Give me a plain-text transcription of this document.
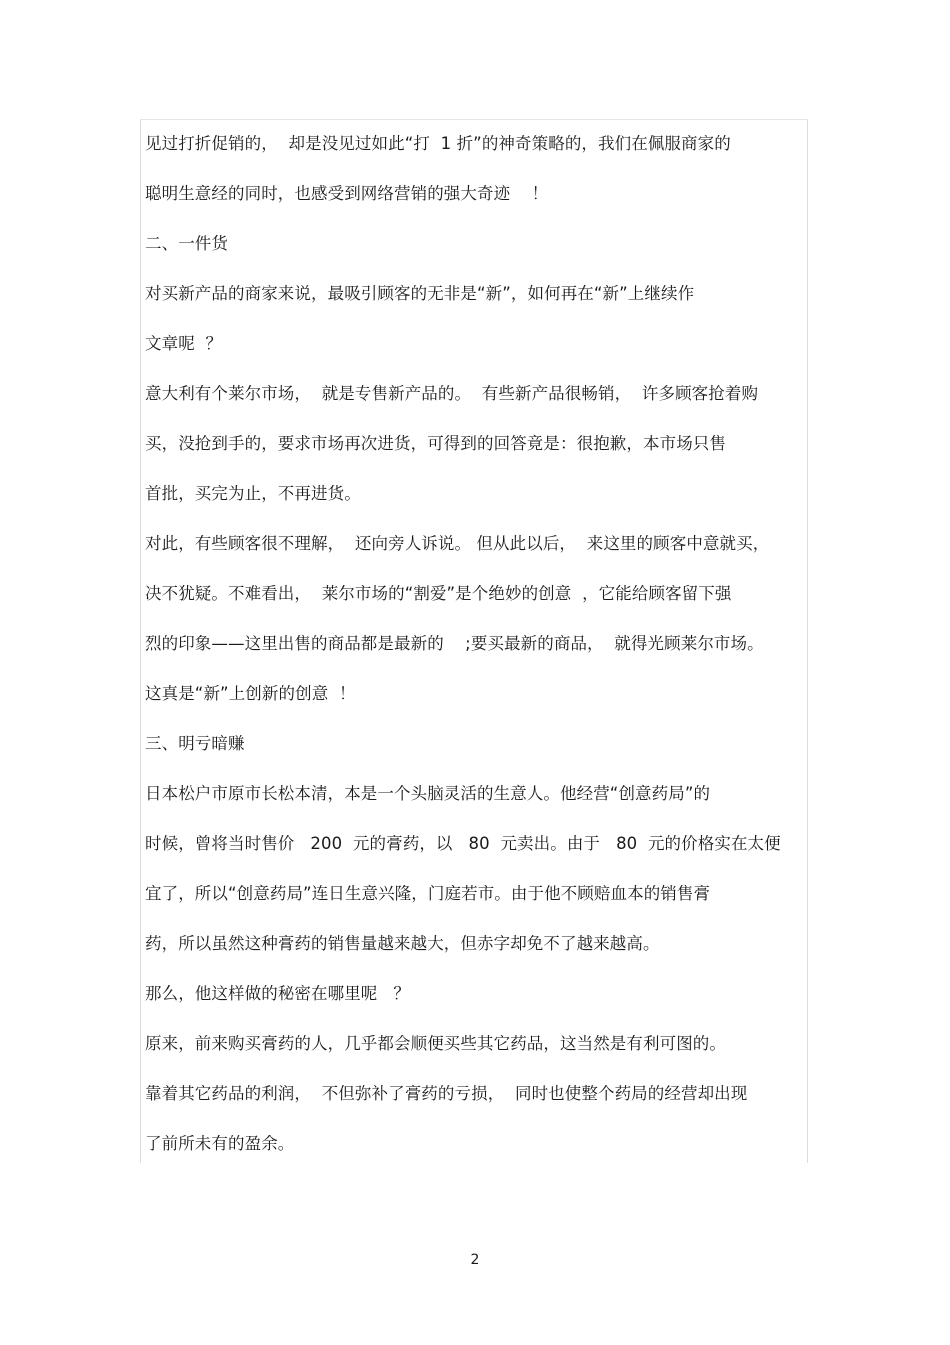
见过打折促销的，  却是没见过如此“打  1 折”的神奇策略的，我们在佩服商家的
聪明生意经的同时，也感受到网络营销的强大奇迹    ！
二、一件货
对买新产品的商家来说，最吸引顾客的无非是“新”，如何再在“新”上继续作
文章呢  ？
意大利有个莱尔市场，  就是专售新产品的。  有些新产品很畅销，  许多顾客抢着购
买，没抢到手的，要求市场再次进货，可得到的回答竟是：很抱歉，本市场只售
首批，买完为止，不再进货。
对此，有些顾客很不理解，  还向旁人诉说。 但从此以后，  来这里的顾客中意就买，
决不犹疑。不难看出，  莱尔市场的“割爱”是个绝妙的创意  ，它能给顾客留下强
烈的印象——这里出售的商品都是最新的    ;要买最新的商品，  就得光顾莱尔市场。
这真是“新”上创新的创意  ！
三、明亏暗赚
日本松户市原市长松本清，本是一个头脑灵活的生意人。他经营“创意药局”的
时候，曾将当时售价   200  元的膏药，以   80  元卖出。由于   80  元的价格实在太便
宜了，所以“创意药局”连日生意兴隆，门庭若市。由于他不顾赔血本的销售膏
药，所以虽然这种膏药的销售量越来越大，但赤字却免不了越来越高。
那么，他这样做的秘密在哪里呢   ？
原来，前来购买膏药的人，几乎都会顺便买些其它药品，这当然是有利可图的。
靠着其它药品的利润，  不但弥补了膏药的亏损，  同时也使整个药局的经营却出现
了前所未有的盈余。
2
